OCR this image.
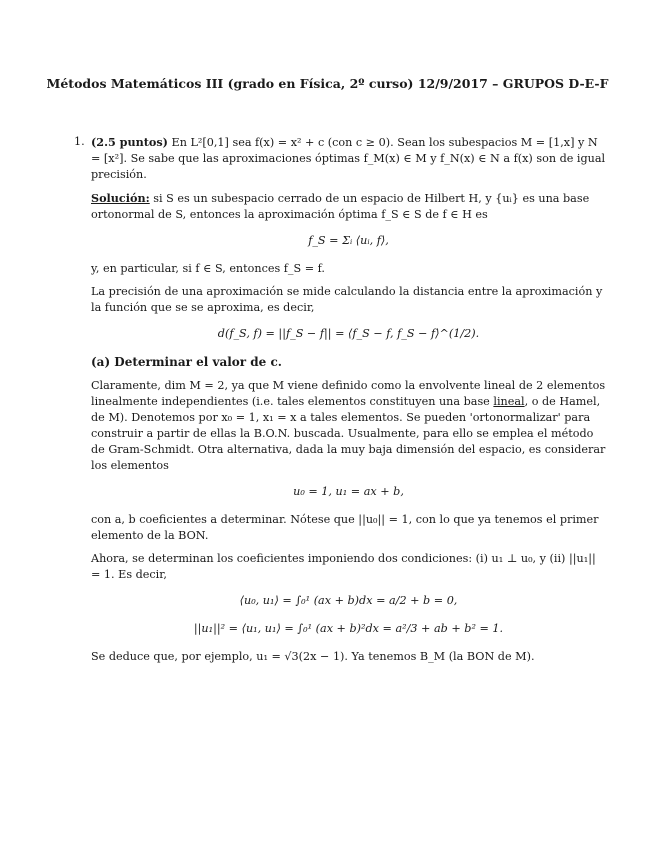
Métodos Matemáticos III (grado en Física, 2º curso) 12/9/2017 – GRUPOS D-E-F
1. (2.5 puntos) En L²[0,1] sea f(x) = x² + c (con c ≥ 0). Sean los subespacios M = [1,x] y N = [x²]. Se sabe que las aproximaciones óptimas f_M(x) ∈ M y f_N(x) ∈ N a f(x) son de igual precisión.

Solución: si S es un subespacio cerrado de un espacio de Hilbert H, y {uᵢ} es una base ortonormal de S, entonces la aproximación óptima f_S ∈ S de f ∈ H es

f_S = Σᵢ ⟨uᵢ, f⟩,

y, en particular, si f ∈ S, entonces f_S = f.

La precisión de una aproximación se mide calculando la distancia entre la aproximación y la función que se se aproxima, es decir,

d(f_S, f) = ||f_S − f|| = ⟨f_S − f, f_S − f⟩^(1/2).
(a) Determinar el valor de c.

Claramente, dim M = 2, ya que M viene definido como la envolvente lineal de 2 elementos linealmente independientes (i.e. tales elementos constituyen una base lineal, o de Hamel, de M). Denotemos por x₀ = 1, x₁ = x a tales elementos. Se pueden 'ortonormalizar' para construir a partir de ellas la B.O.N. buscada. Usualmente, para ello se emplea el método de Gram-Schmidt. Otra alternativa, dada la muy baja dimensión del espacio, es considerar los elementos

u₀ = 1, u₁ = ax + b,

con a, b coeficientes a determinar. Nótese que ||u₀|| = 1, con lo que ya tenemos el primer elemento de la BON.

Ahora, se determinan los coeficientes imponiendo dos condiciones: (i) u₁ ⊥ u₀, y (ii) ||u₁|| = 1. Es decir,

⟨u₀, u₁⟩ = ∫₀¹ (ax + b)dx = a/2 + b = 0,
||u₁||² = ⟨u₁, u₁⟩ = ∫₀¹ (ax + b)²dx = a²/3 + ab + b² = 1.

Se deduce que, por ejemplo, u₁ = √3(2x − 1). Ya tenemos B_M (la BON de M).
